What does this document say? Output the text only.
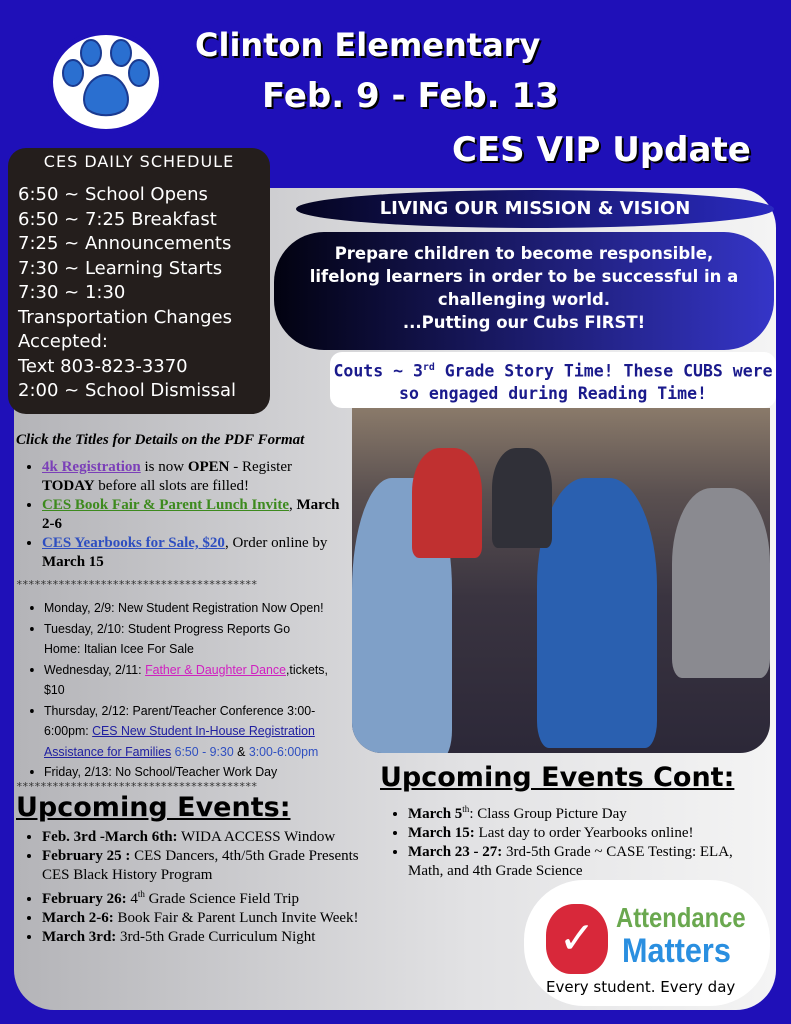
Clinton Elementary
Feb. 9 - Feb. 13
CES VIP Update
CES DAILY SCHEDULE
6:50 ~ School Opens
6:50 ~ 7:25 Breakfast
7:25 ~ Announcements
7:30 ~ Learning Starts
7:30 ~ 1:30
Transportation Changes
Accepted:
Text 803-823-3370
2:00 ~ School Dismissal
LIVING OUR MISSION & VISION
Prepare children to become responsible, lifelong learners in order to be successful in a challenging world.
...Putting our Cubs FIRST!
Couts ~ 3rd Grade Story Time! These CUBS were so engaged during Reading Time!
Click the Titles for Details on the PDF Format
• 4k Registration is now OPEN - Register TODAY before all slots are filled!
• CES Book Fair & Parent Lunch Invite, March 2-6
• CES Yearbooks for Sale, $20, Order online by March 15
****************************************
• Monday, 2/9: New Student Registration Now Open!
• Tuesday, 2/10: Student Progress Reports Go Home: Italian Icee For Sale
• Wednesday, 2/11: Father & Daughter Dance,tickets, $10
• Thursday, 2/12: Parent/Teacher Conference 3:00-6:00pm: CES New Student In-House Registration Assistance for Families 6:50 - 9:30 & 3:00-6:00pm
• Friday, 2/13: No School/Teacher Work Day
****************************************
Upcoming Events:
• Feb. 3rd -March 6th: WIDA ACCESS Window
• February 25 : CES Dancers, 4th/5th Grade Presents CES Black History Program
• February 26: 4th Grade Science Field Trip
• March 2-6: Book Fair & Parent Lunch Invite Week!
• March 3rd: 3rd-5th Grade Curriculum Night
Upcoming Events Cont:
• March 5th: Class Group Picture Day
• March 15: Last day to order Yearbooks online!
• March 23 - 27: 3rd-5th Grade ~ CASE Testing: ELA, Math, and 4th Grade Science
✓ Attendance
Matters
Every student. Every day
